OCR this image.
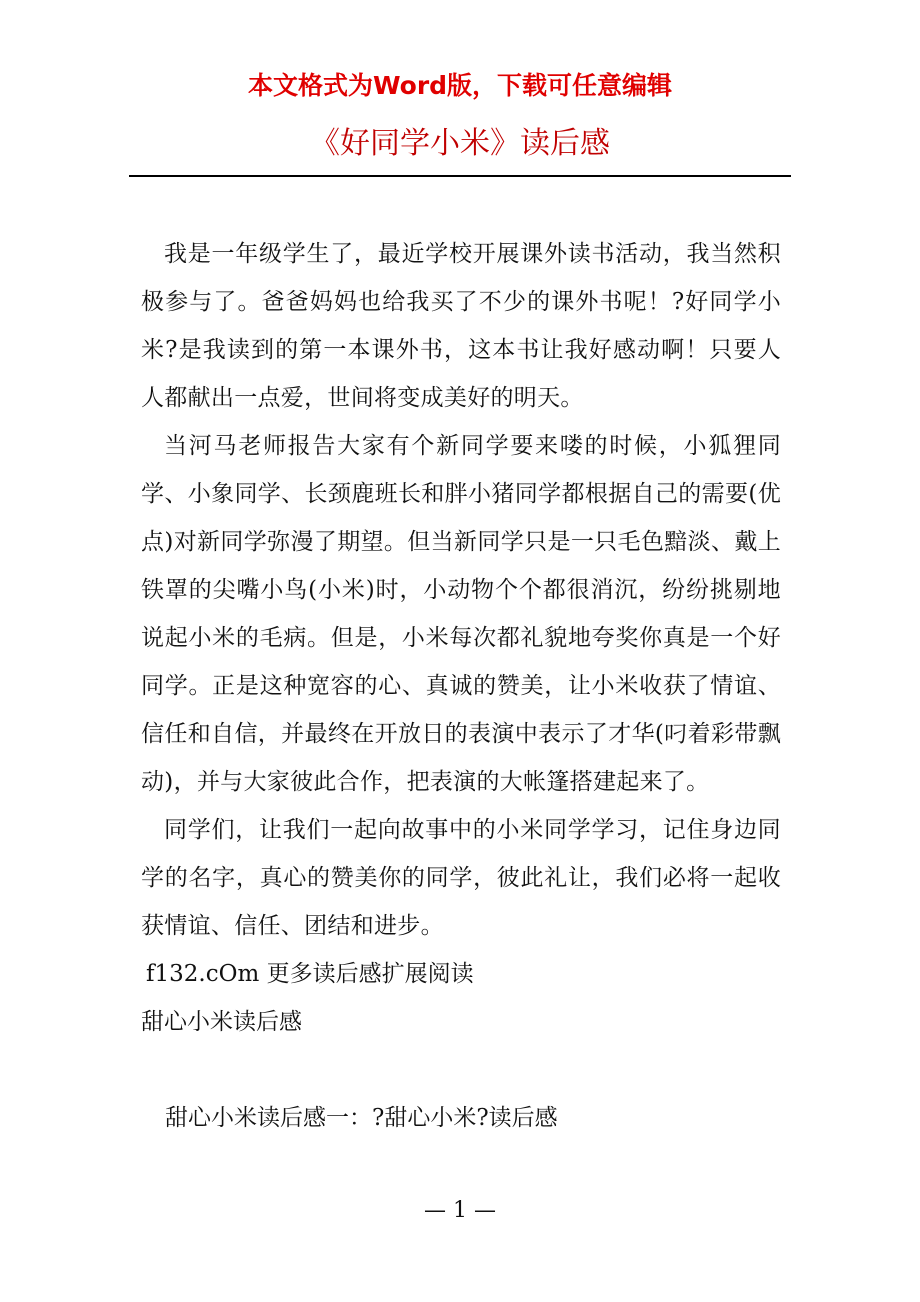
本文格式为Word版，下载可任意编辑
《好同学小米》读后感

我是一年级学生了，最近学校开展课外读书活动，我当然积极参与了。爸爸妈妈也给我买了不少的课外书呢！?好同学小米?是我读到的第一本课外书，这本书让我好感动啊！只要人人都献出一点爱，世间将变成美好的明天。

当河马老师报告大家有个新同学要来喽的时候，小狐狸同学、小象同学、长颈鹿班长和胖小猪同学都根据自己的需要(优点)对新同学弥漫了期望。但当新同学只是一只毛色黯淡、戴上铁罩的尖嘴小鸟(小米)时，小动物个个都很消沉，纷纷挑剔地说起小米的毛病。但是，小米每次都礼貌地夸奖你真是一个好同学。正是这种宽容的心、真诚的赞美，让小米收获了情谊、信任和自信，并最终在开放日的表演中表示了才华(叼着彩带飘动)，并与大家彼此合作，把表演的大帐篷搭建起来了。

同学们，让我们一起向故事中的小米同学学习，记住身边同学的名字，真心的赞美你的同学，彼此礼让，我们必将一起收获情谊、信任、团结和进步。

f132.cOm 更多读后感扩展阅读

甜心小米读后感

甜心小米读后感一：?甜心小米?读后感

— 1 —
